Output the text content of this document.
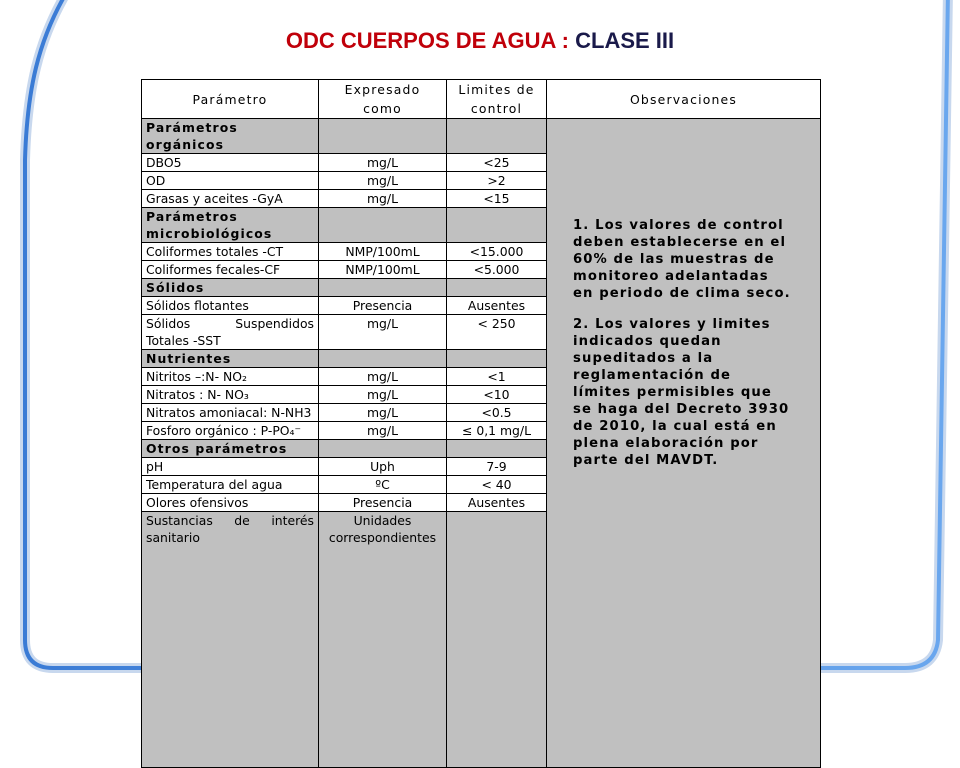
ODC CUERPOS DE AGUA : CLASE III
Parámetro	Expresado como	Limites de control	Observaciones	
Parámetros orgánicos			1. Los valores de control deben establecerse en el 60% de las muestras de monitoreo adelantadas en periodo de clima seco.

2. Los valores y limites indicados quedan supeditados a la reglamentación de límites permisibles que se haga del Decreto 3930 de 2010, la cual está en plena elaboración por parte del MAVDT.	

DBO5	mg/L	<25		
OD	mg/L	>2		
Grasas y aceites -GyA	mg/L	<15		
Parámetros microbiológicos				
Coliformes totales -CT	NMP/100mL	<15.000		
Coliformes fecales-CF	NMP/100mL	<5.000		
Sólidos				
Sólidos flotantes	Presencia	Ausentes		
Sólidos Suspendidos Totales -SST	mg/L	< 250		
Nutrientes				
Nitritos –:N- NO₂	mg/L	<1		
Nitratos : N- NO₃	mg/L	<10		
Nitratos amoniacal: N-NH3	mg/L	<0.5		
Fosforo orgánico : P-PO₄⁻	mg/L	≤ 0,1 mg/L		
Otros parámetros				
pH	Uph	7-9		
Temperatura del agua	ºC	< 40		
Olores ofensivos	Presencia	Ausentes		
Sustancias de interés sanitario	Unidades correspondientes		
